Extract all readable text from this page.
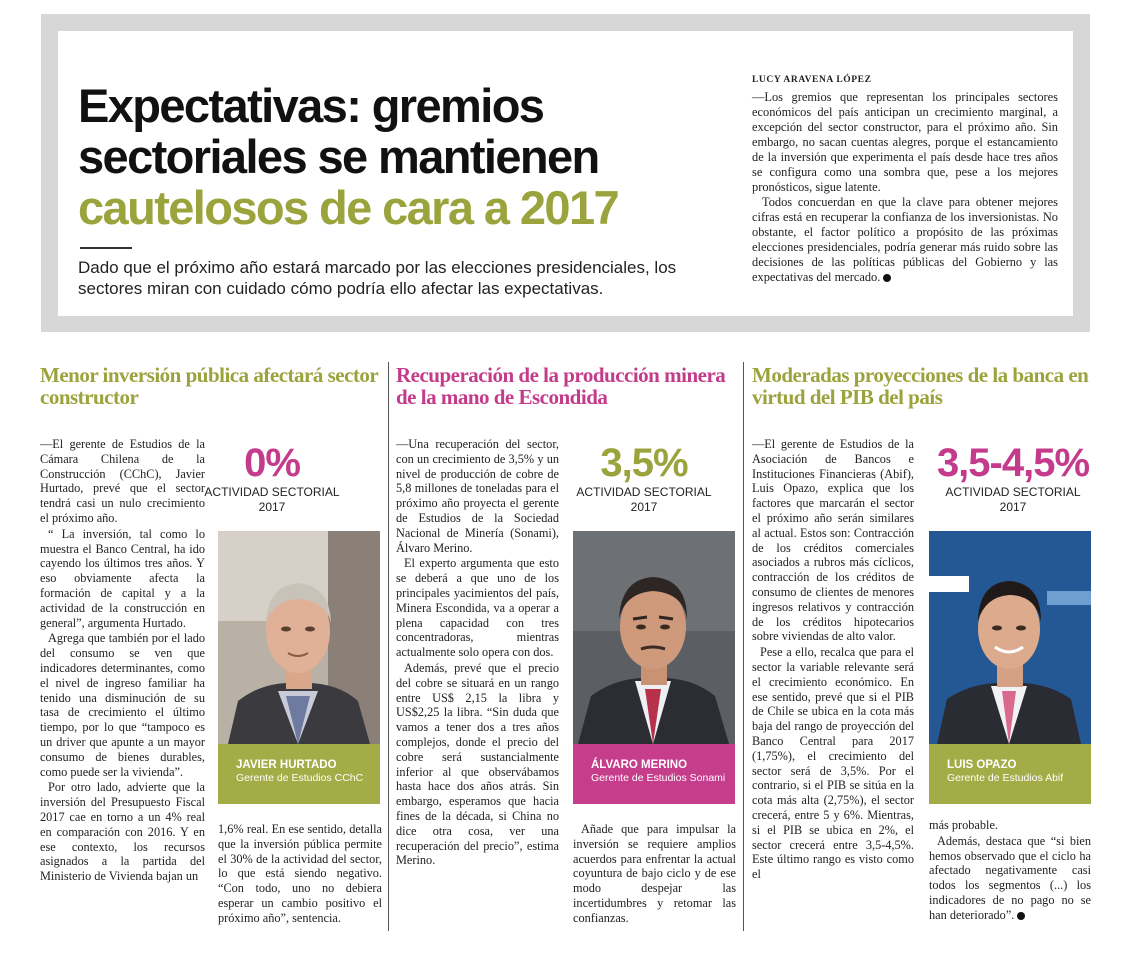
Expectativas: gremios
sectoriales se mantienen
cautelosos de cara a 2017

Dado que el próximo año estará marcado por las elecciones presidenciales, los sectores miran con cuidado cómo podría ello afectar las expectativas.

LUCY ARAVENA LÓPEZ

—Los gremios que representan los principales sectores económicos del país anticipan un crecimiento marginal, a excepción del sector constructor, para el próximo año. Sin embargo, no sacan cuentas alegres, porque el estancamiento de la inversión que experimenta el país desde hace tres años se configura como una sombra que, pese a los mejores pronósticos, sigue latente.

Todos concuerdan en que la clave para obtener mejores cifras está en recuperar la confianza de los inversionistas. No obstante, el factor político a propósito de las próximas elecciones presidenciales, podría generar más ruido sobre las decisiones de las políticas públicas del Gobierno y las expectativas del mercado.

Menor inversión pública afectará sector constructor

—El gerente de Estudios de la Cámara Chilena de la Construcción (CChC), Javier Hurtado, prevé que el sector tendrá casi un nulo crecimiento el próximo año.

“ La inversión, tal como lo muestra el Banco Central, ha ido cayendo los últimos tres años. Y eso obviamente afecta la formación de capital y a la actividad de la construcción en general”, argumenta Hurtado.

Agrega que también por el lado del consumo se ven que indicadores determinantes, como el nivel de ingreso familiar ha tenido una disminución de su tasa de crecimiento el último tiempo, por lo que “tampoco es un driver que apunte a un mayor consumo de bienes durables, como puede ser la vivienda”.

Por otro lado, advierte que la inversión del Presupuesto Fiscal 2017 cae en torno a un 4% real en comparación con 2016. Y en ese contexto, los recursos asignados a la partida del Ministerio de Vivienda bajan un

0%
ACTIVIDAD SECTORIAL
2017
JAVIER HURTADO
Gerente de Estudios CChC

1,6% real. En ese sentido, detalla que la inversión pública permite el 30% de la actividad del sector, lo que está siendo negativo. “Con todo, uno no debiera esperar un cambio positivo el próximo año”, sentencia.

Recuperación de la producción minera de la mano de Escondida

—Una recuperación del sector, con un crecimiento de 3,5% y un nivel de producción de cobre de 5,8 millones de toneladas para el próximo año proyecta el gerente de Estudios de la Sociedad Nacional de Minería (Sonami), Álvaro Merino.

El experto argumenta que esto se deberá a que uno de los principales yacimientos del país, Minera Escondida, va a operar a plena capacidad con tres concentradoras, mientras actualmente solo opera con dos.

Además, prevé que el precio del cobre se situará en un rango entre US$ 2,15 la libra y US$2,25 la libra. “Sin duda que vamos a tener dos a tres años complejos, donde el precio del cobre será sustancialmente inferior al que observábamos hasta hace dos años atrás. Sin embargo, esperamos que hacia fines de la década, si China no dice otra cosa, ver una recuperación del precio”, estima Merino.

3,5%
ACTIVIDAD SECTORIAL
2017
ÁLVARO MERINO
Gerente de Estudios Sonami

Añade que para impulsar la inversión se requiere amplios acuerdos para enfrentar la actual coyuntura de bajo ciclo y de ese modo despejar las incertidumbres y retomar las confianzas.

Moderadas proyecciones de la banca en virtud del PIB del país

—El gerente de Estudios de la Asociación de Bancos e Instituciones Financieras (Abif), Luis Opazo, explica que los factores que marcarán el sector el próximo año serán similares al actual. Estos son: Contracción de los créditos comerciales asociados a rubros más cíclicos, contracción de los créditos de consumo de clientes de menores ingresos relativos y contracción de los créditos hipotecarios sobre viviendas de alto valor.

Pese a ello, recalca que para el sector la variable relevante será el crecimiento económico. En ese sentido, prevé que si el PIB de Chile se ubica en la cota más baja del rango de proyección del Banco Central para 2017 (1,75%), el crecimiento del sector será de 3,5%. Por el contrario, si el PIB se sitúa en la cota más alta (2,75%), el sector crecerá, entre 5 y 6%. Mientras, si el PIB se ubica en 2%, el sector crecerá entre 3,5-4,5%. Este último rango es visto como el

3,5-4,5%
ACTIVIDAD SECTORIAL
2017
LUIS OPAZO
Gerente de Estudios Abif

más probable.

Además, destaca que “si bien hemos observado que el ciclo ha afectado negativamente casi todos los segmentos (...) los indicadores de no pago no se han deteriorado”.
